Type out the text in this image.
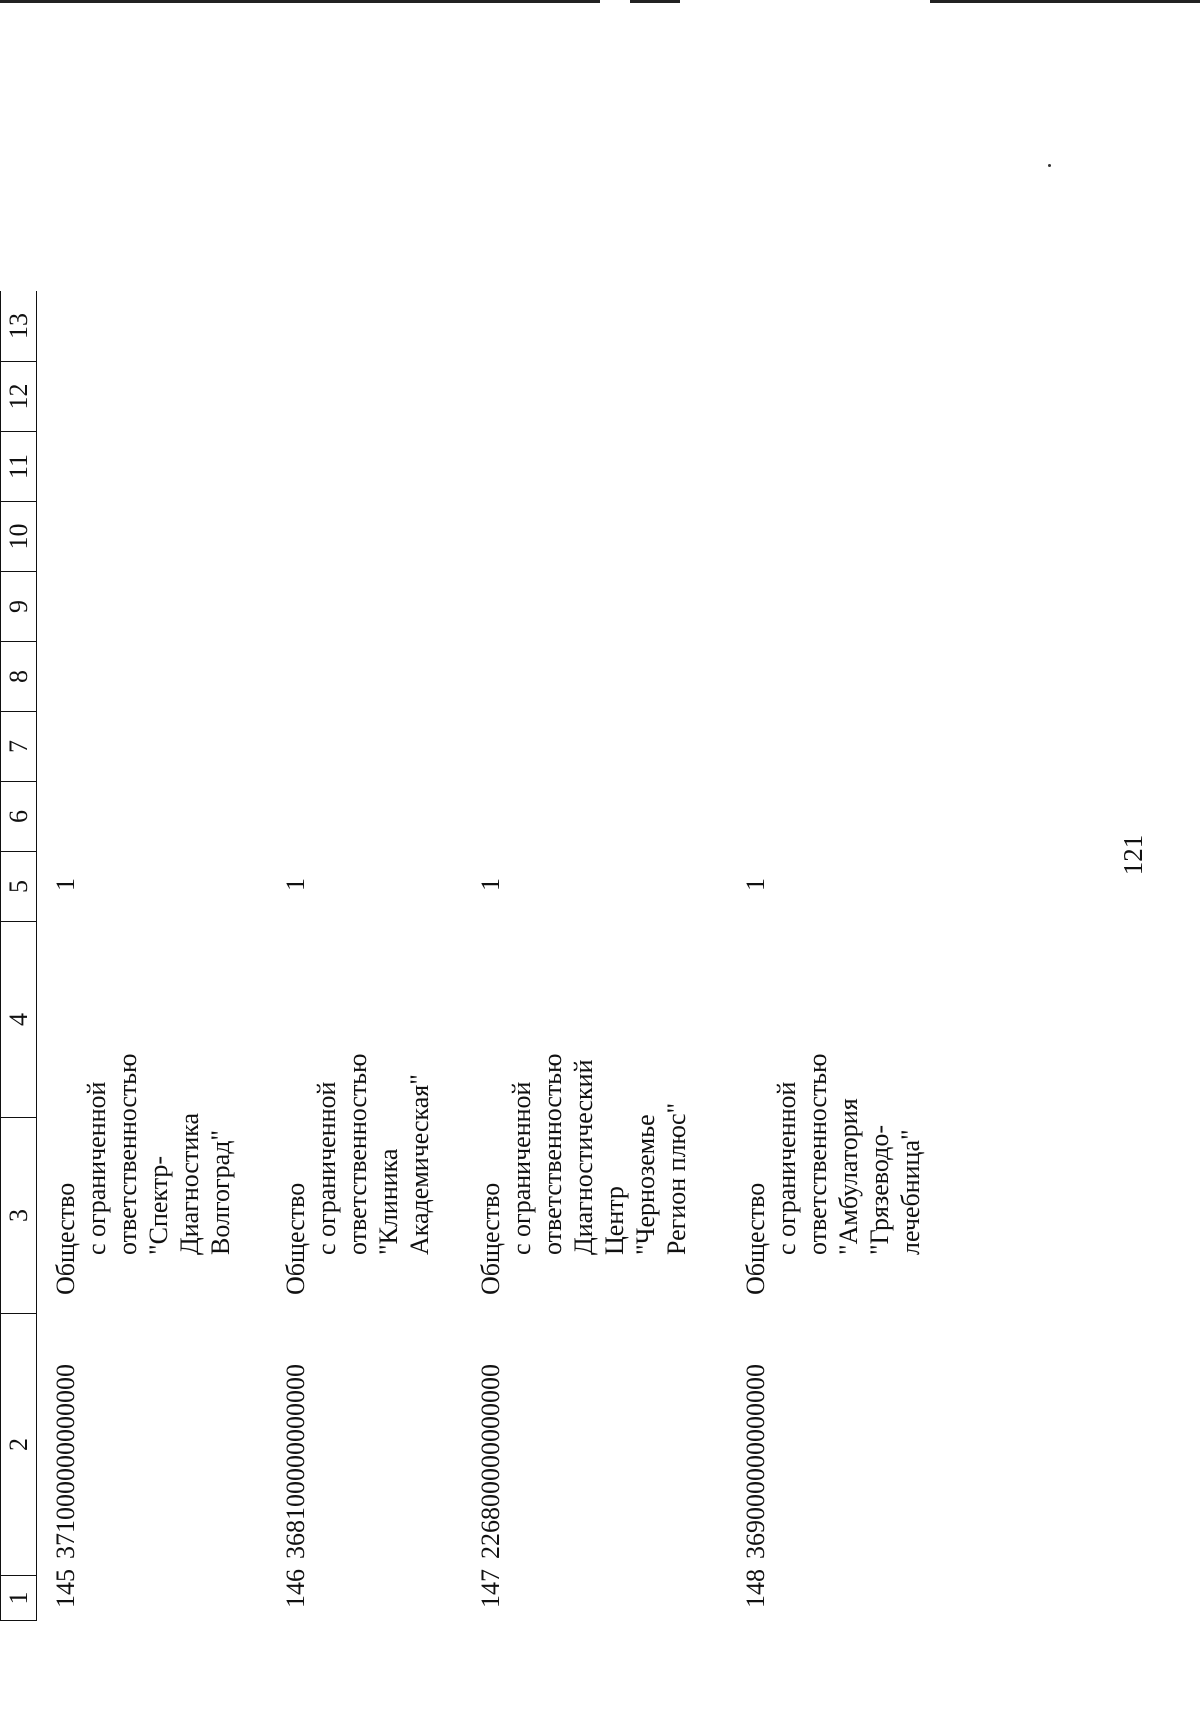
121
1
2
3
4
5
6
7
8
9
10
11
12
13
145
371000000000000
Общество с ограниченной ответственностью "Спектр- Диагностика Волгоград"
1
146
368100000000000
Общество с ограниченной ответственностью "Клиника Академическая"
1
147
226800000000000
Общество с ограниченной ответственностью Диагностический Центр "Черноземье Регион плюс"
1
148
369000000000000
Общество с ограниченной ответственностью "Амбулатория "Грязеводо- лечебница"
1
